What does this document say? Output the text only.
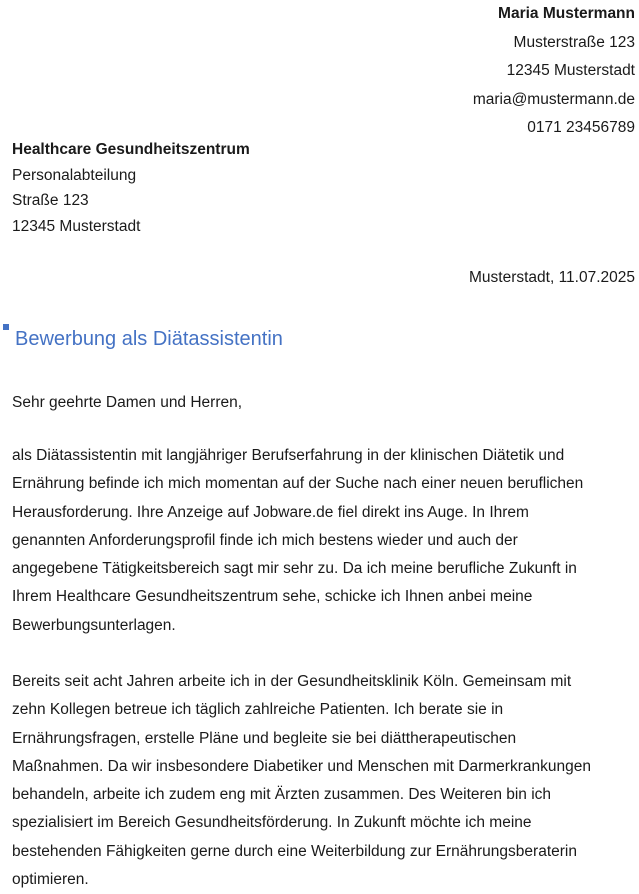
Maria Mustermann
Musterstraße 123
12345 Musterstadt
maria@mustermann.de
0171 23456789
Healthcare Gesundheitszentrum
Personalabteilung
Straße 123
12345 Musterstadt
Musterstadt, 11.07.2025
Bewerbung als Diätassistentin
Sehr geehrte Damen und Herren,

als Diätassistentin mit langjähriger Berufserfahrung in der klinischen Diätetik und
Ernährung befinde ich mich momentan auf der Suche nach einer neuen beruflichen
Herausforderung. Ihre Anzeige auf Jobware.de fiel direkt ins Auge. In Ihrem
genannten Anforderungsprofil finde ich mich bestens wieder und auch der
angegebene Tätigkeitsbereich sagt mir sehr zu. Da ich meine berufliche Zukunft in
Ihrem Healthcare Gesundheitszentrum sehe, schicke ich Ihnen anbei meine
Bewerbungsunterlagen.

Bereits seit acht Jahren arbeite ich in der Gesundheitsklinik Köln. Gemeinsam mit
zehn Kollegen betreue ich täglich zahlreiche Patienten. Ich berate sie in
Ernährungsfragen, erstelle Pläne und begleite sie bei diättherapeutischen
Maßnahmen. Da wir insbesondere Diabetiker und Menschen mit Darmerkrankungen
behandeln, arbeite ich zudem eng mit Ärzten zusammen. Des Weiteren bin ich
spezialisiert im Bereich Gesundheitsförderung. In Zukunft möchte ich meine
bestehenden Fähigkeiten gerne durch eine Weiterbildung zur Ernährungsberaterin
optimieren.
